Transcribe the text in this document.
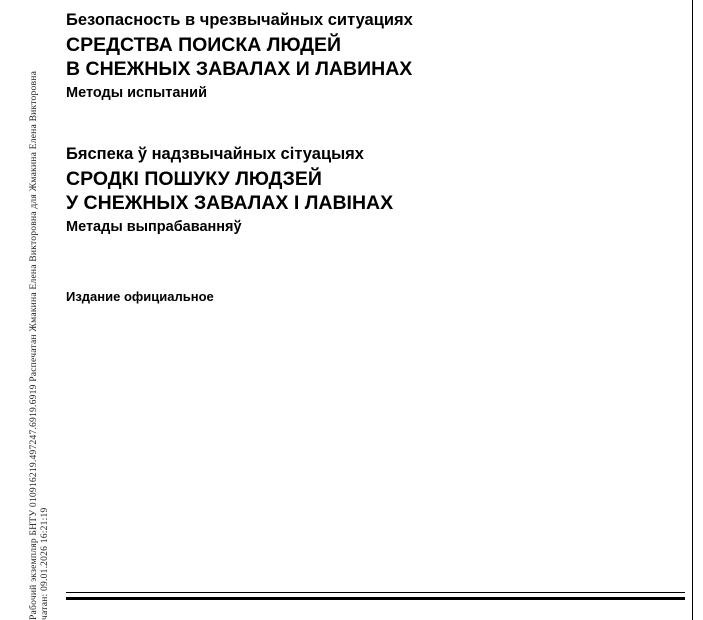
Рабочий экземпляр БНТУ 010916219.497247.6919.6919 Распечатан Жмакина Елена Викторовна для Жмакина Елена Викторовна чатан: 09.01.2026 16:21:19
Безопасность в чрезвычайных ситуациях
СРЕДСТВА ПОИСКА ЛЮДЕЙ
В СНЕЖНЫХ ЗАВАЛАХ И ЛАВИНАХ
Методы испытаний
Бяспека ў надзвычайных сітуацыях
СРОДКІ ПОШУКУ ЛЮДЗЕЙ
У СНЕЖНЫХ ЗАВАЛАХ І ЛАВІНАХ
Метады выпрабаванняў
Издание официальное
